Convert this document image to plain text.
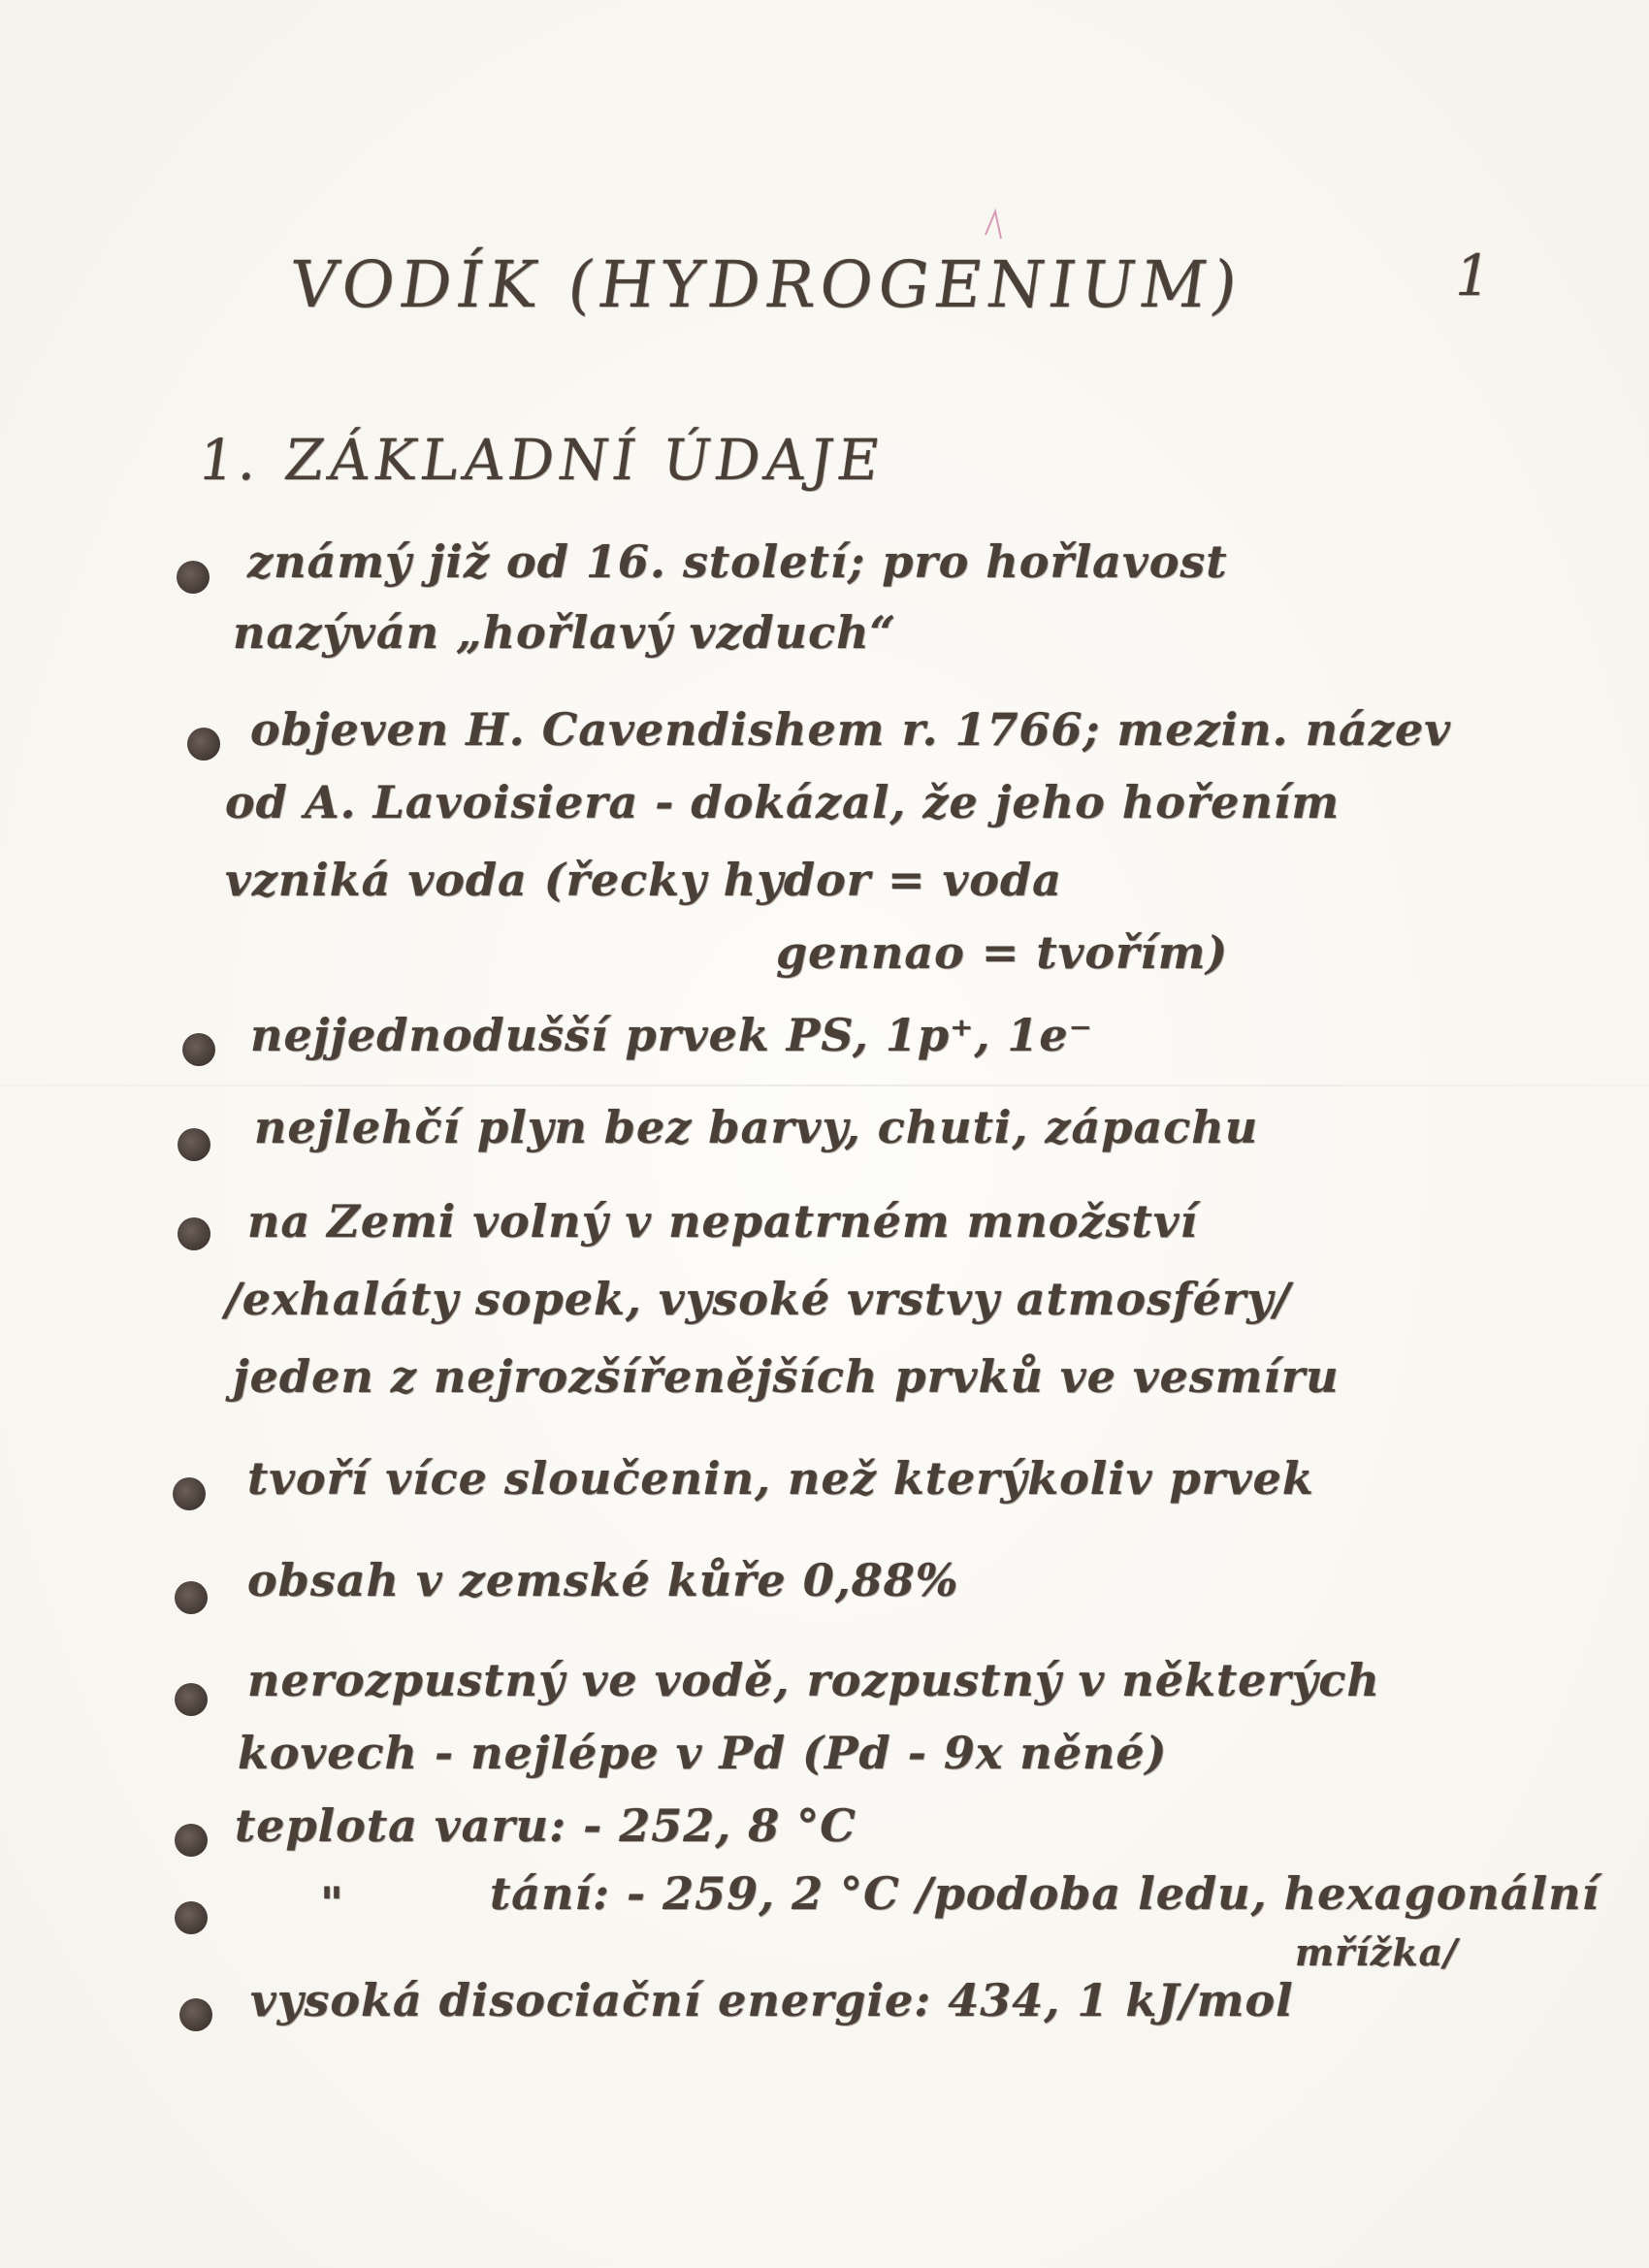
VODÍK (HYDROGENIUM)	1
1. ZÁKLADNÍ ÚDAJE
známý již od 16. století; pro hořlavost
nazýván „hořlavý vzduch“
objeven H. Cavendishem r. 1766; mezin. název
od A. Lavoisiera - dokázal, že jeho hořením
vzniká voda (řecky hydor = voda
gennao = tvořím)
nejjednodušší prvek PS, 1p⁺, 1e⁻
nejlehčí plyn bez barvy, chuti, zápachu
na Zemi volný v nepatrném množství
/exhaláty sopek, vysoké vrstvy atmosféry/
jeden z nejrozšířenějších prvků ve vesmíru
tvoří více sloučenin, než kterýkoliv prvek
obsah v zemské kůře 0,88%
nerozpustný ve vodě, rozpustný v některých
kovech - nejlépe v Pd (Pd - 9x něné)
teplota varu: - 252, 8 °C
"	tání: - 259, 2 °C /podoba ledu, hexagonální
mřížka/
vysoká disociační energie: 434, 1 kJ/mol
